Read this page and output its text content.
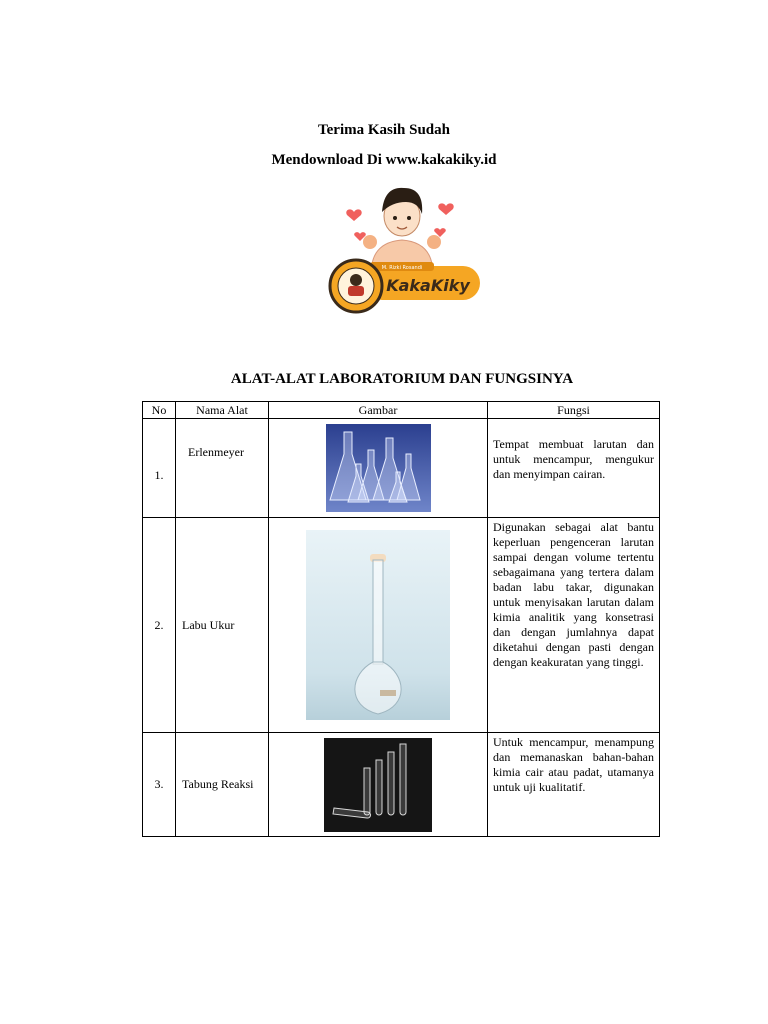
Terima Kasih Sudah
Mendownload Di www.kakakiky.id
M. Rizki Rosandi
KakaKiky
ALAT-ALAT LABORATORIUM DAN FUNGSINYA
No	Nama Alat	Gambar	Fungsi
1.	Erlenmeyer		Tempat membuat larutan dan untuk mencampur, mengukur dan menyimpan cairan.
2.	Labu Ukur		Digunakan sebagai alat bantu keperluan pengenceran larutan sampai dengan volume tertentu sebagaimana yang tertera dalam badan labu takar, digunakan untuk menyisakan larutan dalam kimia analitik yang konsetrasi dan dengan jumlahnya dapat diketahui dengan pasti dengan dengan keakuratan yang tinggi.
3.	Tabung Reaksi		Untuk mencampur, menampung dan memanaskan bahan-bahan kimia cair atau padat, utamanya untuk uji kualitatif.
